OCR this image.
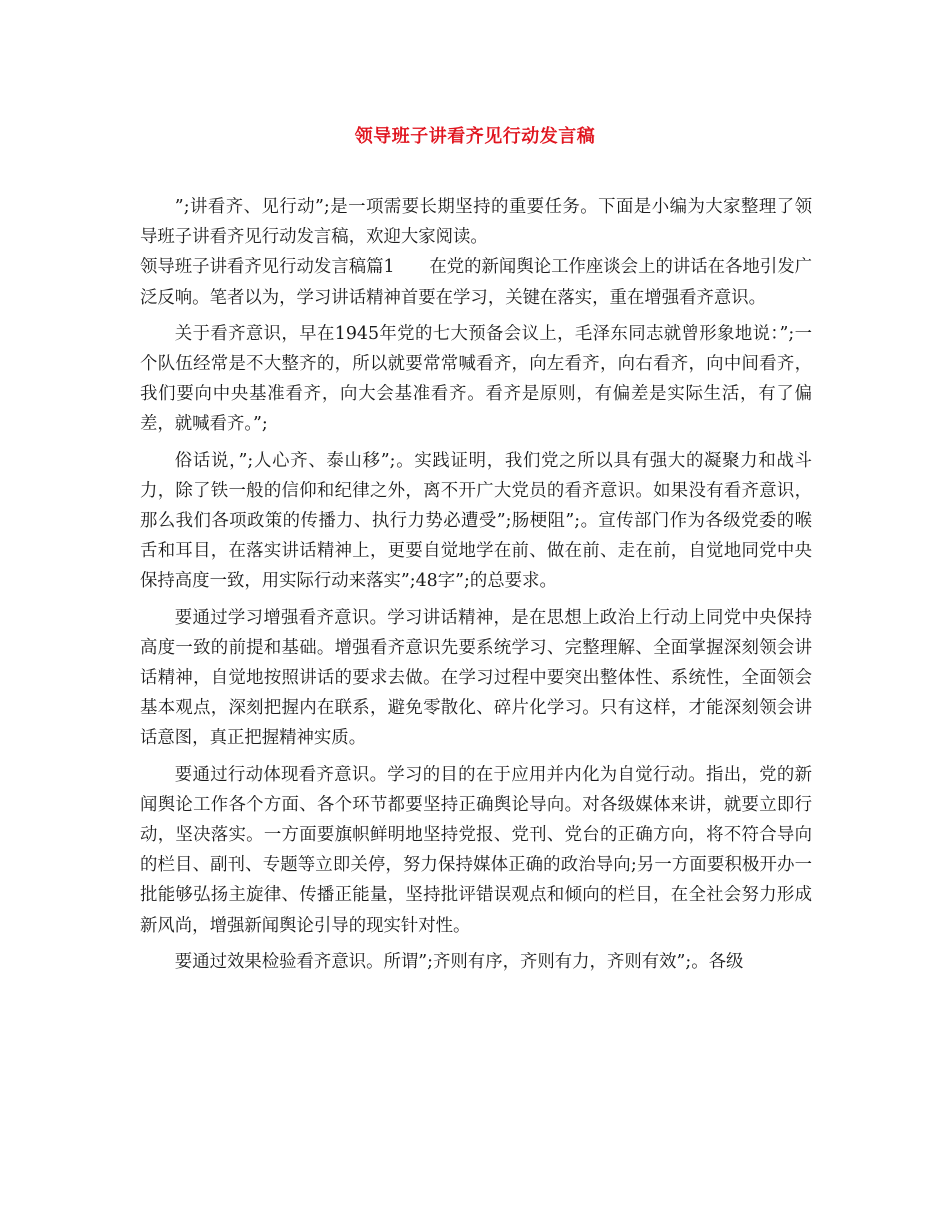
领导班子讲看齐见行动发言稿

”;讲看齐、见行动”;是一项需要长期坚持的重要任务。下面是小编为大家整理了领导班子讲看齐见行动发言稿，欢迎大家阅读。

领导班子讲看齐见行动发言稿篇1　　在党的新闻舆论工作座谈会上的讲话在各地引发广泛反响。笔者以为，学习讲话精神首要在学习，关键在落实，重在增强看齐意识。

关于看齐意识，早在1945年党的七大预备会议上，毛泽东同志就曾形象地说：”;一个队伍经常是不大整齐的，所以就要常常喊看齐，向左看齐，向右看齐，向中间看齐，我们要向中央基准看齐，向大会基准看齐。看齐是原则，有偏差是实际生活，有了偏差，就喊看齐。”;

俗话说，”;人心齐、泰山移”;。实践证明，我们党之所以具有强大的凝聚力和战斗力，除了铁一般的信仰和纪律之外，离不开广大党员的看齐意识。如果没有看齐意识，那么我们各项政策的传播力、执行力势必遭受”;肠梗阻”;。宣传部门作为各级党委的喉舌和耳目，在落实讲话精神上，更要自觉地学在前、做在前、走在前，自觉地同党中央保持高度一致，用实际行动来落实”;48字”;的总要求。

要通过学习增强看齐意识。学习讲话精神，是在思想上政治上行动上同党中央保持高度一致的前提和基础。增强看齐意识先要系统学习、完整理解、全面掌握深刻领会讲话精神，自觉地按照讲话的要求去做。在学习过程中要突出整体性、系统性，全面领会基本观点，深刻把握内在联系，避免零散化、碎片化学习。只有这样，才能深刻领会讲话意图，真正把握精神实质。

要通过行动体现看齐意识。学习的目的在于应用并内化为自觉行动。指出，党的新闻舆论工作各个方面、各个环节都要坚持正确舆论导向。对各级媒体来讲，就要立即行动，坚决落实。一方面要旗帜鲜明地坚持党报、党刊、党台的正确方向，将不符合导向的栏目、副刊、专题等立即关停，努力保持媒体正确的政治导向;另一方面要积极开办一批能够弘扬主旋律、传播正能量，坚持批评错误观点和倾向的栏目，在全社会努力形成新风尚，增强新闻舆论引导的现实针对性。

要通过效果检验看齐意识。所谓”;齐则有序，齐则有力，齐则有效”;。各级
